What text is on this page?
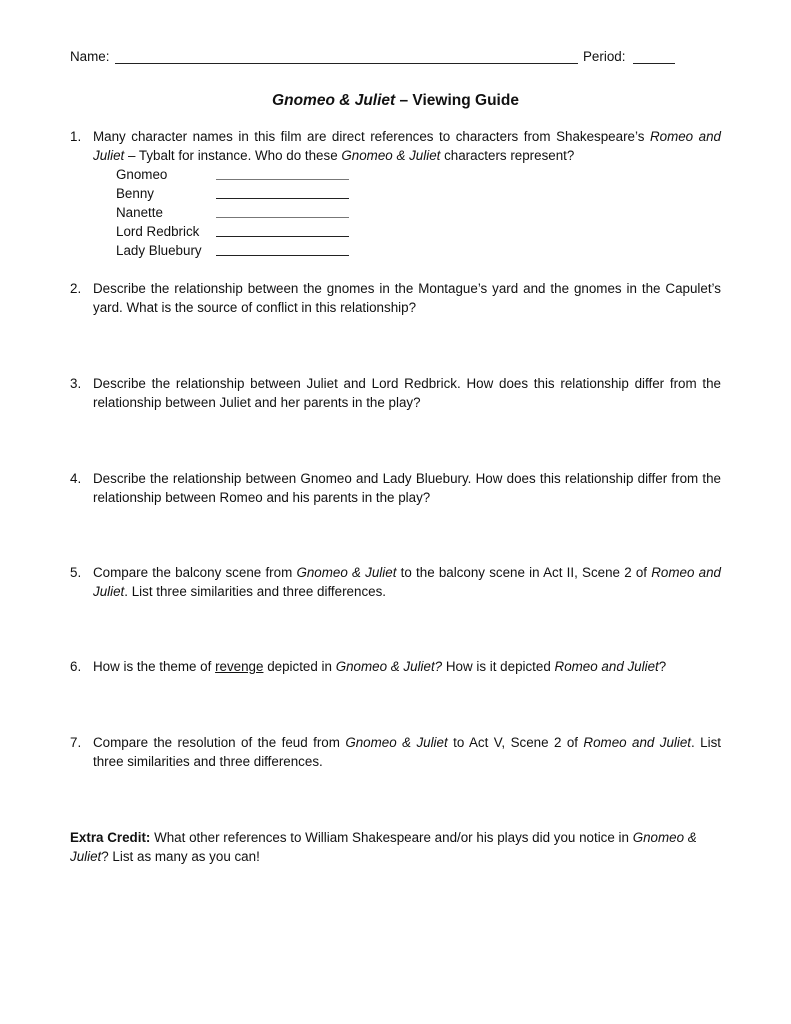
Name:	Period:
Gnomeo & Juliet – Viewing Guide
1. Many character names in this film are direct references to characters from Shakespeare’s Romeo and Juliet – Tybalt for instance. Who do these Gnomeo & Juliet characters represent?
Gnomeo
Benny
Nanette
Lord Redbrick
Lady Bluebury
2. Describe the relationship between the gnomes in the Montague’s yard and the gnomes in the Capulet’s yard. What is the source of conflict in this relationship?
3. Describe the relationship between Juliet and Lord Redbrick. How does this relationship differ from the relationship between Juliet and her parents in the play?
4. Describe the relationship between Gnomeo and Lady Bluebury. How does this relationship differ from the relationship between Romeo and his parents in the play?
5. Compare the balcony scene from Gnomeo & Juliet to the balcony scene in Act II, Scene 2 of Romeo and Juliet. List three similarities and three differences.
6. How is the theme of revenge depicted in Gnomeo & Juliet? How is it depicted Romeo and Juliet?
7. Compare the resolution of the feud from Gnomeo & Juliet to Act V, Scene 2 of Romeo and Juliet. List three similarities and three differences.
Extra Credit: What other references to William Shakespeare and/or his plays did you notice in Gnomeo & Juliet? List as many as you can!
